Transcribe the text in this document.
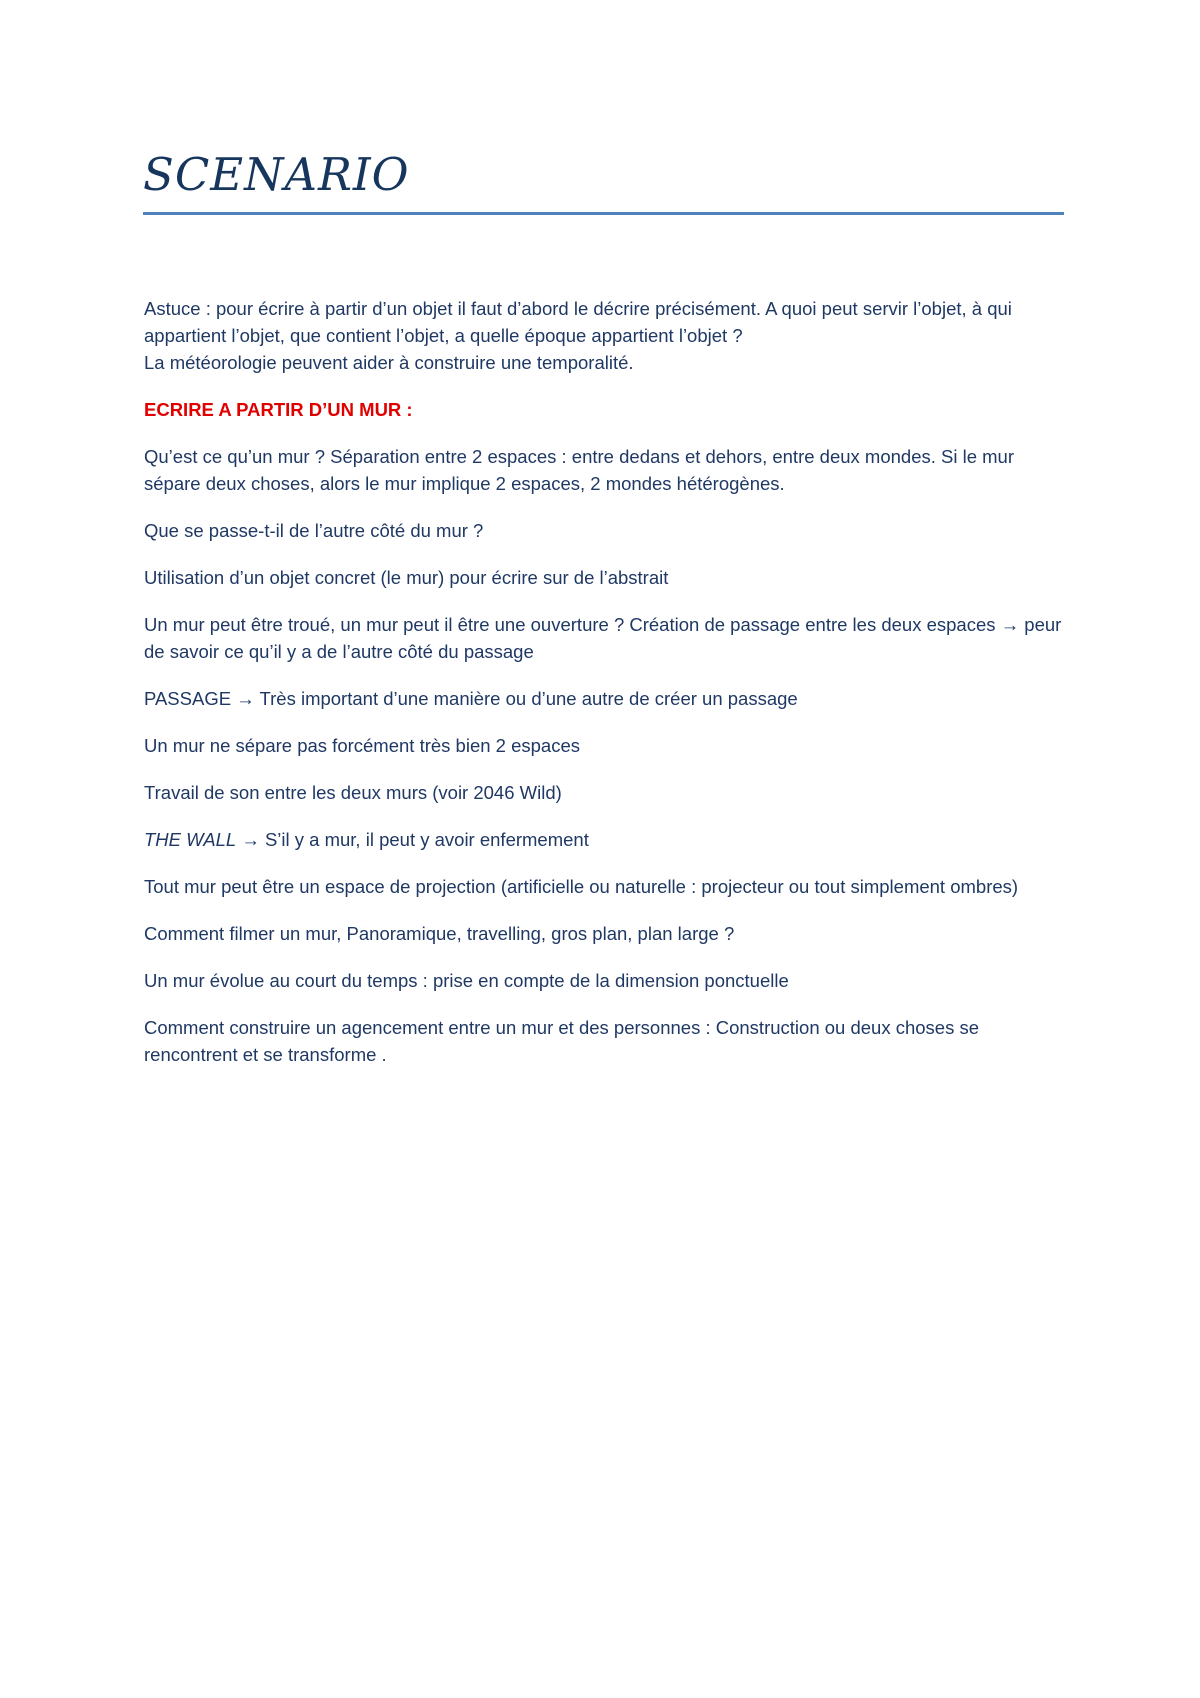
SCENARIO

Astuce : pour écrire à partir d’un objet il faut d’abord le décrire précisément. A quoi peut servir l’objet, à qui appartient l’objet, que contient l’objet, a quelle époque appartient l’objet ?
La météorologie peuvent aider à construire une temporalité.

ECRIRE A PARTIR D’UN MUR :

Qu’est ce qu’un mur ? Séparation entre 2 espaces : entre dedans et dehors, entre deux mondes. Si le mur sépare deux choses, alors le mur implique 2 espaces, 2 mondes hétérogènes.

Que se passe-t-il de l’autre côté du mur ?

Utilisation d’un objet concret (le mur) pour écrire sur de l’abstrait

Un mur peut être troué, un mur peut il être une ouverture ? Création de passage entre les deux espaces → peur de savoir ce qu’il y a de l’autre côté du passage

PASSAGE → Très important d’une manière ou d’une autre de créer un passage

Un mur ne sépare pas forcément très bien 2 espaces

Travail de son entre les deux murs (voir 2046 Wild)

THE WALL → S’il y a mur, il peut y avoir enfermement

Tout mur peut être un espace de projection (artificielle ou naturelle : projecteur ou tout simplement ombres)

Comment filmer un mur, Panoramique, travelling, gros plan, plan large ?

Un mur évolue au court du temps : prise en compte de la dimension ponctuelle

Comment construire un agencement entre un mur et des personnes : Construction ou deux choses se rencontrent et se transforme .
